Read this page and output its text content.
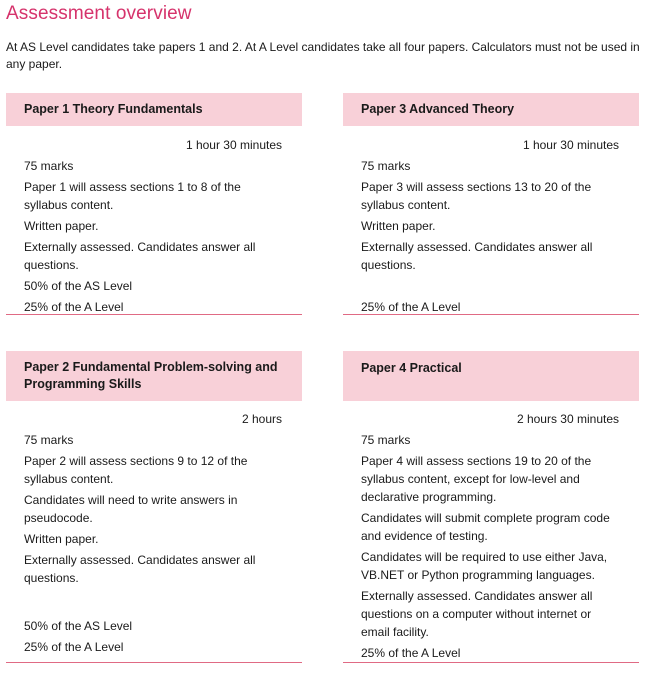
Assessment overview

At AS Level candidates take papers 1 and 2. At A Level candidates take all four papers. Calculators must not be used in any paper.

Paper 1 Theory Fundamentals

1 hour 30 minutes

75 marks

Paper 1 will assess sections 1 to 8 of the syllabus content.

Written paper.

Externally assessed. Candidates answer all questions.

50% of the AS Level

25% of the A Level

Paper 3 Advanced Theory

1 hour 30 minutes

75 marks

Paper 3 will assess sections 13 to 20 of the syllabus content.

Written paper.

Externally assessed. Candidates answer all questions.

25% of the A Level

Paper 2 Fundamental Problem-solving and Programming Skills

2 hours

75 marks

Paper 2 will assess sections 9 to 12 of the syllabus content.

Candidates will need to write answers in pseudocode.

Written paper.

Externally assessed. Candidates answer all questions.

50% of the AS Level

25% of the A Level

Paper 4 Practical

2 hours 30 minutes

75 marks

Paper 4 will assess sections 19 to 20 of the syllabus content, except for low-level and declarative programming.

Candidates will submit complete program code and evidence of testing.

Candidates will be required to use either Java, VB.NET or Python programming languages.

Externally assessed. Candidates answer all questions on a computer without internet or email facility.

25% of the A Level
